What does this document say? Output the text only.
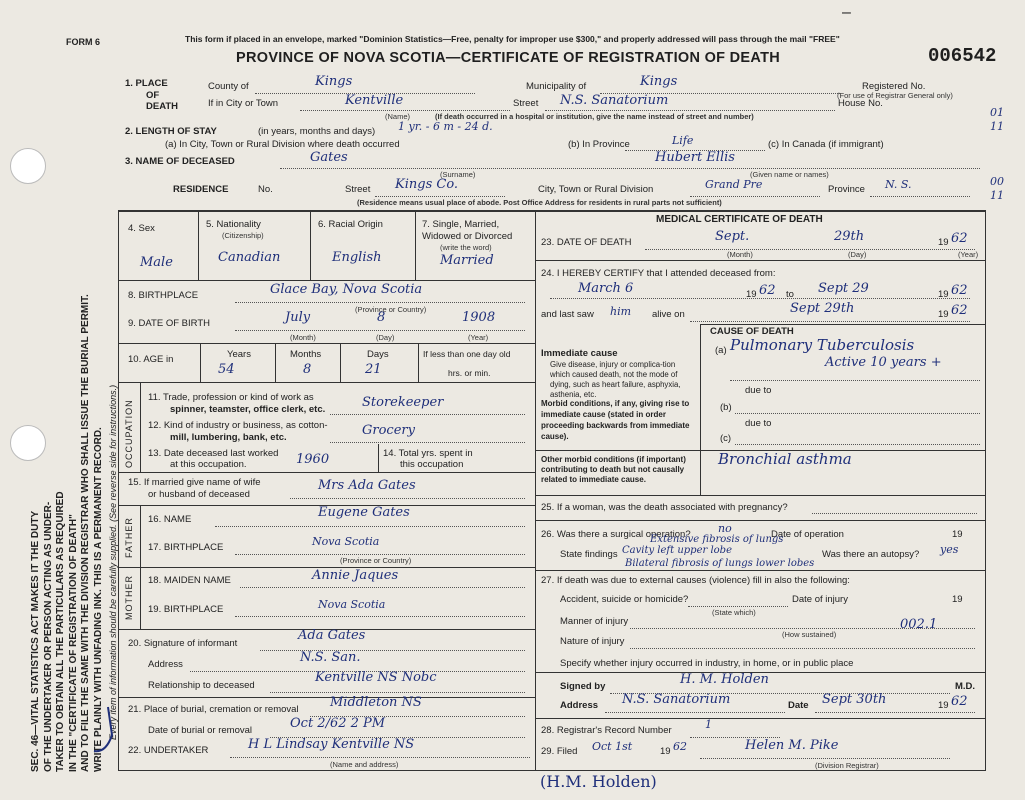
SEC. 46—VITAL STATISTICS ACT MAKES IT THE DUTY OF THE UNDERTAKER OR PERSON ACTING AS UNDER- TAKER TO OBTAIN ALL THE PARTICULARS AS REQUIRED IN THE "CERTIFICATE OF REGISTRATION OF DEATH" AND TO FILE THE SAME WITH THE DIVISION REGISTRAR WHO SHALL ISSUE THE BURIAL PERMIT. WRITE PLAINLY WITH UNFADING INK. THIS IS A PERMANENT RECORD. Every item of information should be carefully supplied. (See reverse side for instructions.)
FORM 6	This form if placed in an envelope, marked "Dominion Statistics—Free, penalty for improper use $300," and properly addressed will pass through the mail "FREE"
PROVINCE OF NOVA SCOTIA—CERTIFICATE OF REGISTRATION OF DEATH	006542
–
1. PLACE
OF
DEATH
County of	Kings	Municipality of	Kings	Registered No.
(For use of Registrar General only)
If in City or Town	Kentville
(Name)
Street N.S. Sanatorium	House No.
(If death occurred in a hospital or institution, give the name instead of street and number)	01
11
2. LENGTH OF STAY	(in years, months and days) 1 yr. - 6 m - 24 d.
(a) In City, Town or Rural Division where death occurred	(b) In Province	Life	(c) In Canada (if immigrant)
3. NAME OF DECEASED	Gates
(Surname)
Hubert Ellis
(Given name or names)
RESIDENCE	No.	Street Kings Co.	City, Town or Rural Division	Grand Pre	Province N. S.
(Residence means usual place of abode. Post Office Address for residents in rural parts not sufficient)
00
11
4. Sex	5. Nationality
(Citizenship)
6. Racial Origin	7. Single, Married, Widowed or Divorced
(write the word)
Male	Canadian	English	Married
8. BIRTHPLACE	Glace Bay, Nova Scotia
(Province or Country)
9. DATE OF BIRTH	July	8	1908
(Month)	(Day)	(Year)
10. AGE in	Years	Months	Days	If less than one day old
hrs. or min.
54	8	21
OCCUPATION
11. Trade, profession or kind of work as
spinner, teamster, office clerk, etc.	Storekeeper
12. Kind of industry or business, as cotton-
mill, lumbering, bank, etc.	Grocery
13. Date deceased last worked
at this occupation.	1960	14. Total yrs. spent in
this occupation
15. If married give name of wife
or husband of deceased
Mrs Ada Gates
FATHER
MOTHER
16. NAME	Eugene Gates
17. BIRTHPLACE	Nova Scotia
(Province or Country)
18. MAIDEN NAME	Annie Jaques
19. BIRTHPLACE	Nova Scotia
20. Signature of informant
Ada Gates
Address	N.S. San.
Relationship to deceased
Kentville NS Nobc
21. Place of burial, cremation or removal Middleton NS
Date of burial or removal	Oct 2/62 2 PM
22. UNDERTAKER	H L Lindsay Kentville NS
(Name and address)
MEDICAL CERTIFICATE OF DEATH
23. DATE OF DEATH	Sept.	29th	19 62
(Month)	(Day)	(Year)
24. I HEREBY CERTIFY that I attended deceased from:
March 6	19 62 to Sept 29	19 62
and last saw him alive on	Sept 29th	19 62
CAUSE OF DEATH
Immediate cause
Give disease, injury or complica-tion which caused death, not the mode of dying, such as heart failure, asphyxia, asthenia, etc.
(a) Pulmonary Tuberculosis
Active 10 years +
due to
Morbid conditions, if any, giving rise to immediate cause (stated in order proceeding backwards from immediate cause).
(b)
due to
(c)
Other morbid conditions (if important) contributing to death but not causally related to immediate cause.
Bronchial asthma
25. If a woman, was the death associated with pregnancy?
26. Was there a surgical operation? no	Date of operation	19
State findings
Extensive fibrosis of lungs
Cavity left upper lobe
Bilateral fibrosis of lungs lower lobes
Was there an autopsy? yes
27. If death was due to external causes (violence) fill in also the following:
Accident, suicide or homicide?	Date of injury	19
(State which)
Manner of injury
(How sustained)
002.1
Nature of injury
Specify whether injury occurred in industry, in home, or in public place
Signed by	H. M. Holden	M.D.
Address N.S. Sanatorium	Date Sept 30th	19 62
28. Registrar's Record Number	1
29. Filed Oct 1st	19 62	Helen M. Pike
(Division Registrar)
(H.M. Holden)
